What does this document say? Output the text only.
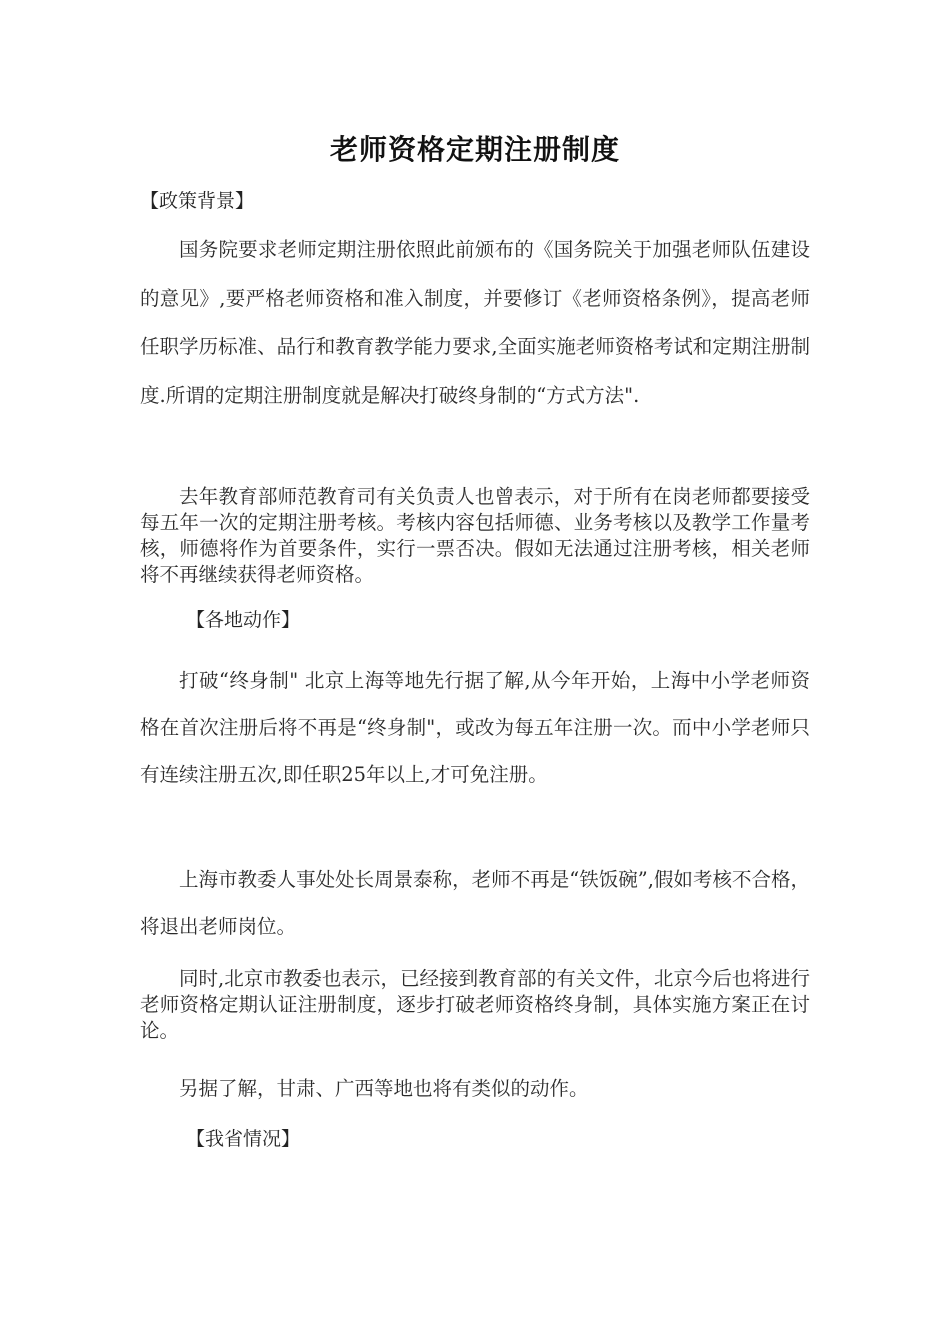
老师资格定期注册制度
【政策背景】

国务院要求老师定期注册依照此前颁布的《国务院关于加强老师队伍建设的意见》,要严格老师资格和准入制度，并要修订《老师资格条例》，提高老师任职学历标准、品行和教育教学能力要求,全面实施老师资格考试和定期注册制度.所谓的定期注册制度就是解决打破终身制的“方式方法".

去年教育部师范教育司有关负责人也曾表示，对于所有在岗老师都要接受每五年一次的定期注册考核。考核内容包括师德、业务考核以及教学工作量考核，师德将作为首要条件，实行一票否决。假如无法通过注册考核，相关老师将不再继续获得老师资格。

【各地动作】

打破“终身制" 北京上海等地先行据了解,从今年开始，上海中小学老师资格在首次注册后将不再是“终身制"，或改为每五年注册一次。而中小学老师只有连续注册五次,即任职25年以上,才可免注册。

上海市教委人事处处长周景泰称，老师不再是“铁饭碗”,假如考核不合格，将退出老师岗位。

同时,北京市教委也表示，已经接到教育部的有关文件，北京今后也将进行老师资格定期认证注册制度，逐步打破老师资格终身制，具体实施方案正在讨论。

另据了解，甘肃、广西等地也将有类似的动作。

【我省情况】
